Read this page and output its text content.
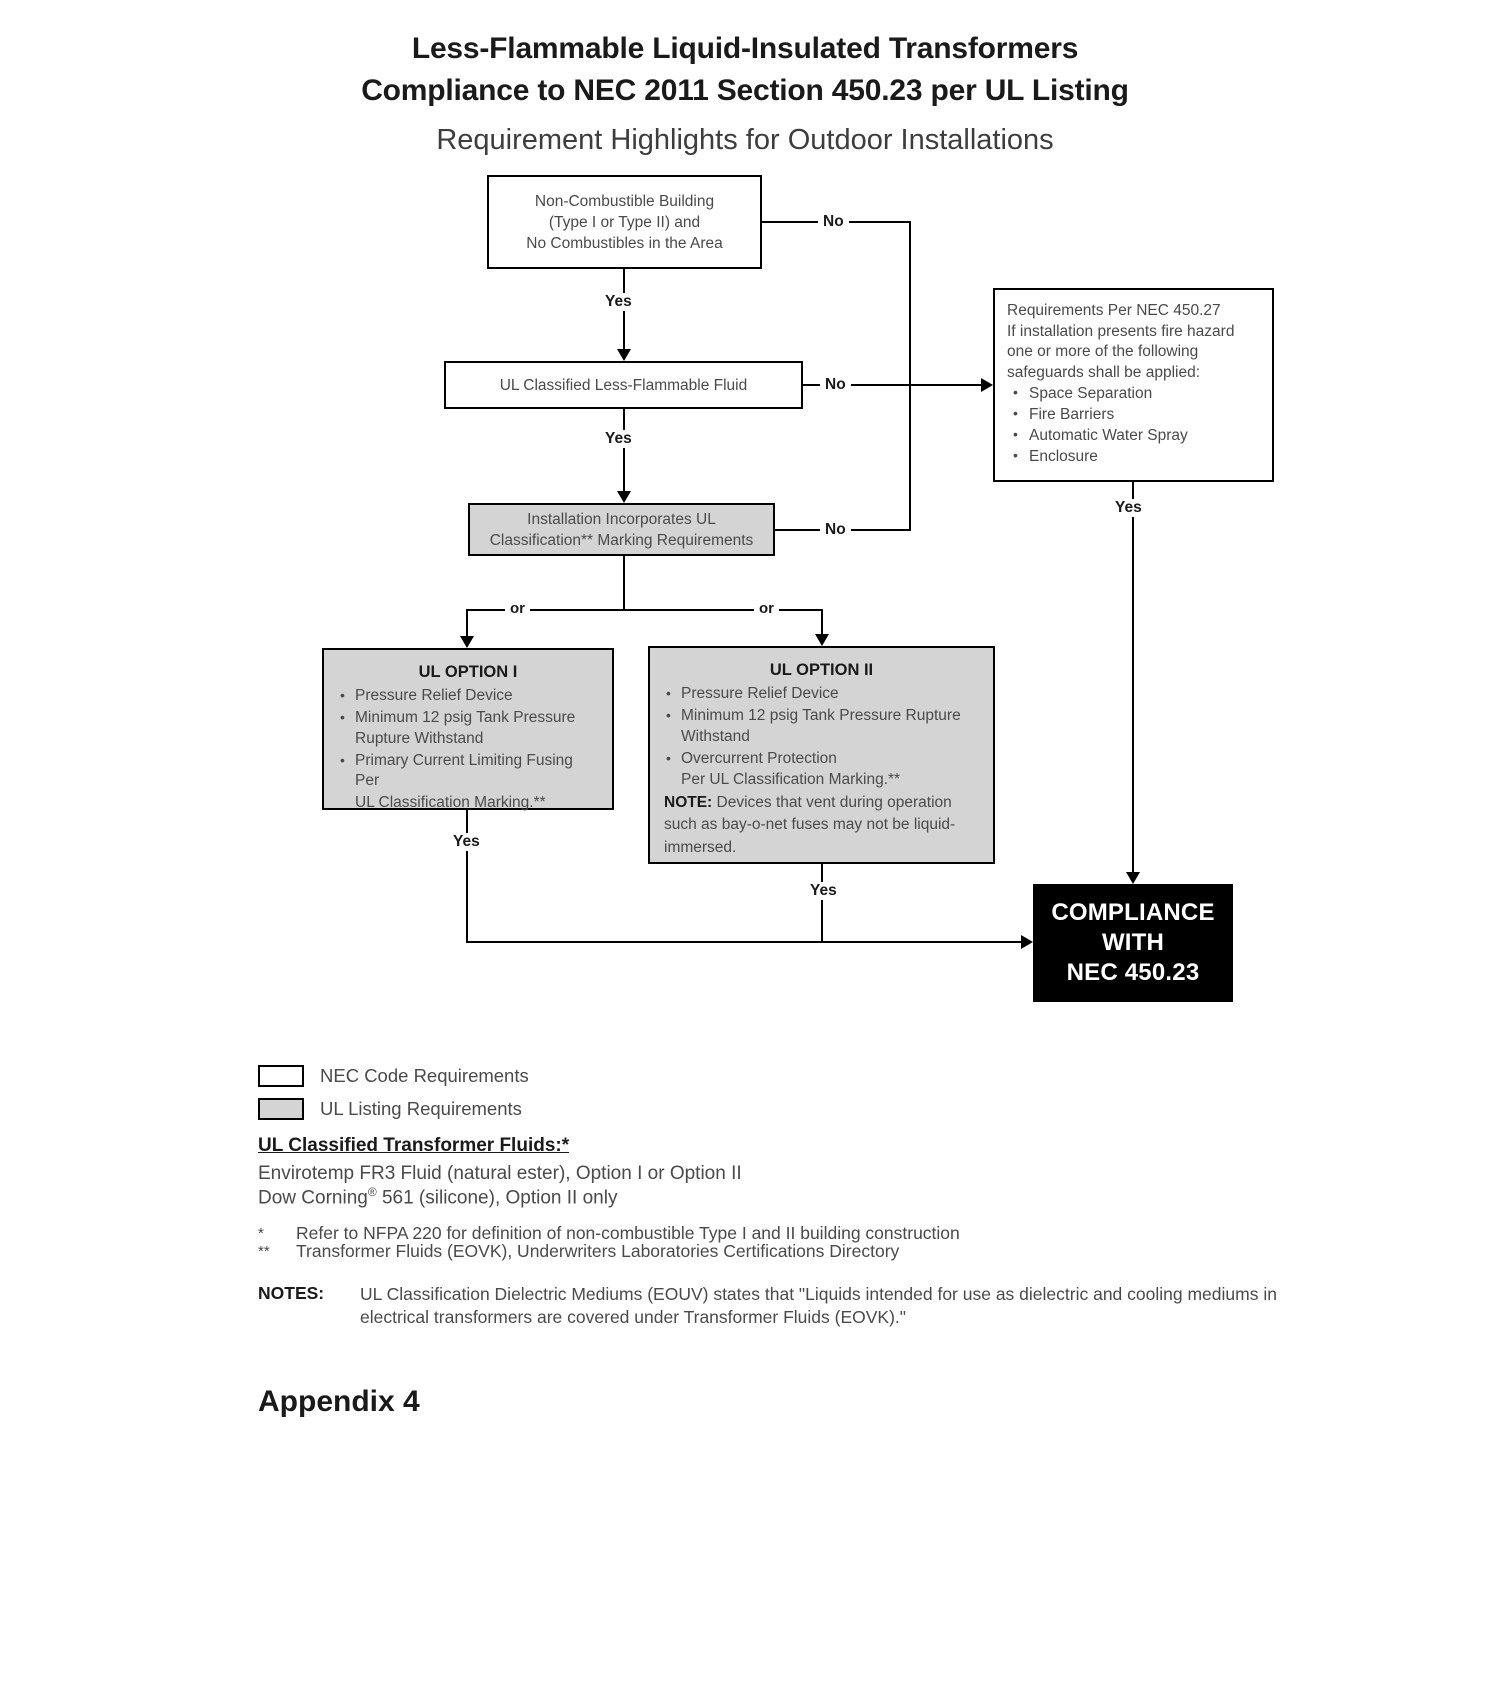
Less-Flammable Liquid-Insulated Transformers
Compliance to NEC 2011 Section 450.23 per UL Listing
Requirement Highlights for Outdoor Installations
Non-Combustible Building
(Type I or Type II) and
No Combustibles in the Area
UL Classified Less-Flammable Fluid
Installation Incorporates UL
Classification** Marking Requirements
Requirements Per NEC 450.27
If installation presents fire hazard
one or more of the following
safeguards shall be applied:
• Space Separation
• Fire Barriers
• Automatic Water Spray
• Enclosure
UL OPTION I
• Pressure Relief Device
• Minimum 12 psig Tank Pressure
Rupture Withstand
• Primary Current Limiting Fusing Per
UL Classification Marking.**
UL OPTION II
• Pressure Relief Device
• Minimum 12 psig Tank Pressure Rupture
Withstand
• Overcurrent Protection
Per UL Classification Marking.**
NOTE: Devices that vent during operation
such as bay-o-net fuses may not be liquid-
immersed.
COMPLIANCE
WITH
NEC 450.23
Yes
Yes
No
No
No
Yes
or	or
Yes
Yes
NEC Code Requirements
UL Listing Requirements
UL Classified Transformer Fluids:*
Envirotemp FR3 Fluid (natural ester), Option I or Option II
Dow Corning® 561 (silicone), Option II only
* Refer to NFPA 220 for definition of non-combustible Type I and II building construction
** Transformer Fluids (EOVK), Underwriters Laboratories Certifications Directory
NOTES: UL Classification Dielectric Mediums (EOUV) states that "Liquids intended for use as dielectric and cooling mediums in electrical transformers are covered under Transformer Fluids (EOVK)."
Appendix 4
